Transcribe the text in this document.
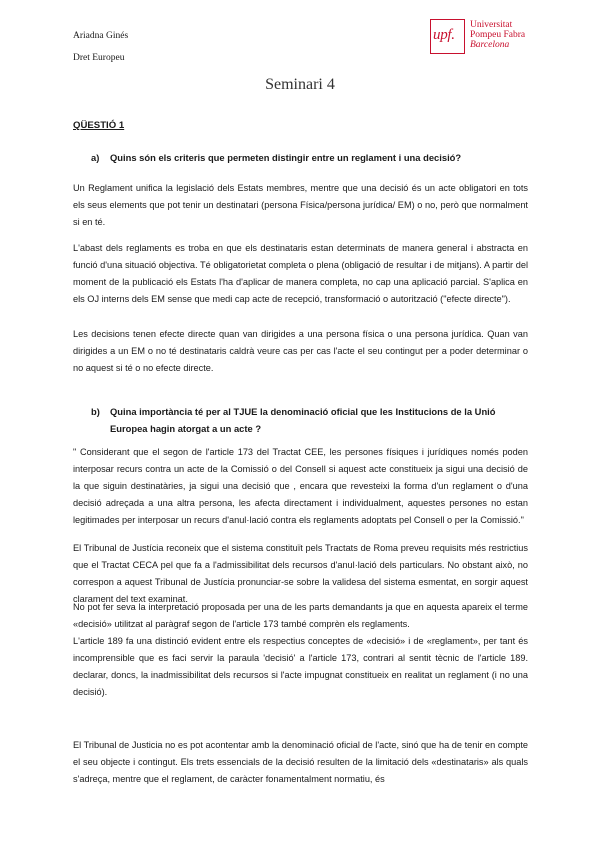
Ariadna Ginés
Dret Europeu
upf.
Universitat
Pompeu Fabra
Barcelona
Seminari 4
QÜESTIÓ 1
a) Quins són els criteris que permeten distingir entre un reglament i una decisió?

Un Reglament unifica la legislació dels Estats membres, mentre que una decisió és un acte obligatori en tots els seus elements que pot tenir un destinatari (persona Física/persona jurídica/ EM) o no, però que normalment si en té.

L'abast dels reglaments es troba en que els destinataris estan determinats de manera general i abstracta en funció d'una situació objectiva. Té obligatorietat completa o plena (obligació de resultar i de mitjans). A partir del moment de la publicació els Estats l'ha d'aplicar de manera completa, no cap una aplicació parcial. S'aplica en els OJ interns dels EM sense que medi cap acte de recepció, transformació o autorització ("efecte directe").

Les decisions tenen efecte directe quan van dirigides a una persona física o una persona jurídica. Quan van dirigides a un EM o no té destinataris caldrà veure cas per cas l'acte el seu contingut per a poder determinar o no aquest si té o no efecte directe.

b) Quina importància té per al TJUE la denominació oficial que les Institucions de la Unió Europea hagin atorgat a un acte ?

" Considerant que el segon de l'article 173 del Tractat CEE, les persones físiques i jurídiques només poden interposar recurs contra un acte de la Comissió o del Consell si aquest acte constitueix ja sigui una decisió de la que siguin destinatàries, ja sigui una decisió que , encara que revesteixi la forma d'un reglament o d'una decisió adreçada a una altra persona, les afecta directament i individualment, aquestes persones no estan legitimades per interposar un recurs d'anul·lació contra els reglaments adoptats pel Consell o per la Comissió."

El Tribunal de Justícia reconeix que el sistema constituït pels Tractats de Roma preveu requisits més restrictius que el Tractat CECA pel que fa a l'admissibilitat dels recursos d'anul·lació dels particulars. No obstant això, no correspon a aquest Tribunal de Justícia pronunciar-se sobre la validesa del sistema esmentat, en sorgir aquest clarament del text examinat.

No pot fer seva la interpretació proposada per una de les parts demandants ja que en aquesta apareix el terme «decisió» utilitzat al paràgraf segon de l'article 173 també comprèn els reglaments.

L'article 189 fa una distinció evident entre els respectius conceptes de «decisió» i de «reglament», per tant és incomprensible que es faci servir la paraula 'decisió' a l'article 173, contrari al sentit tècnic de l'article 189. declarar, doncs, la inadmissibilitat dels recursos si l'acte impugnat constitueix en realitat un reglament (i no una decisió).

El Tribunal de Justicia no es pot acontentar amb la denominació oficial de l'acte, sinó que ha de tenir en compte el seu objecte i contingut. Els trets essencials de la decisió resulten de la limitació dels «destinataris» als quals s'adreça, mentre que el reglament, de caràcter fonamentalment normatiu, és
